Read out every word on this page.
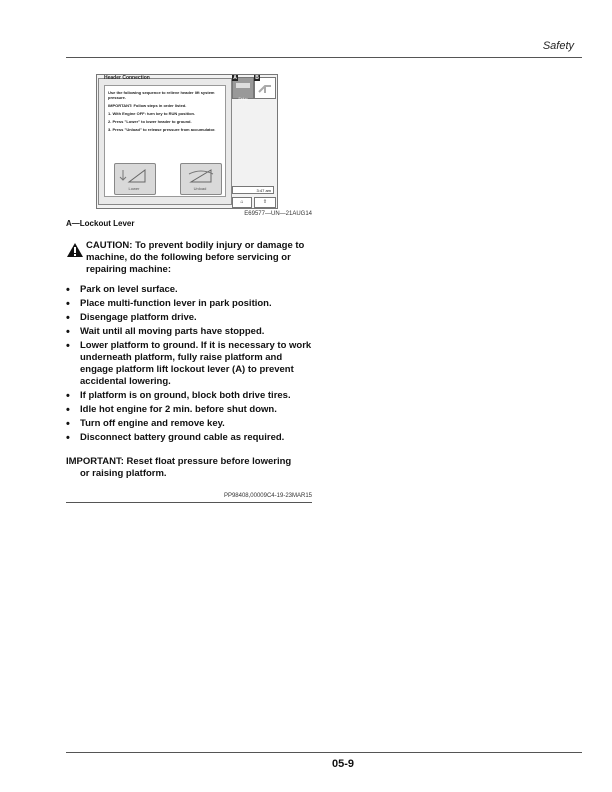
Safety
Header Connection
Use the following sequence to relieve header lift system pressure.
IMPORTANT: Follow steps in order listed.
1. With Engine OFF: turn key to RUN position.
2. Press "Lower" to lower header to ground.
3. Press "Unload" to release pressure from accumulator.
Lower	Unload
Setup
A	B
3:47 am
⌂	⇧
E69577—UN—21AUG14
A—Lockout Lever
CAUTION: To prevent bodily injury or damage to machine, do the following before servicing or repairing machine:
• Park on level surface.
• Place multi-function lever in park position.
• Disengage platform drive.
• Wait until all moving parts have stopped.
• Lower platform to ground. If it is necessary to work underneath platform, fully raise platform and engage platform lift lockout lever (A) to prevent accidental lowering.
• If platform is on ground, block both drive tires.
• Idle hot engine for 2 min. before shut down.
• Turn off engine and remove key.
• Disconnect battery ground cable as required.
IMPORTANT: Reset float pressure before lowering
or raising platform.
PP98408,00009C4-19-23MAR15
05-9
